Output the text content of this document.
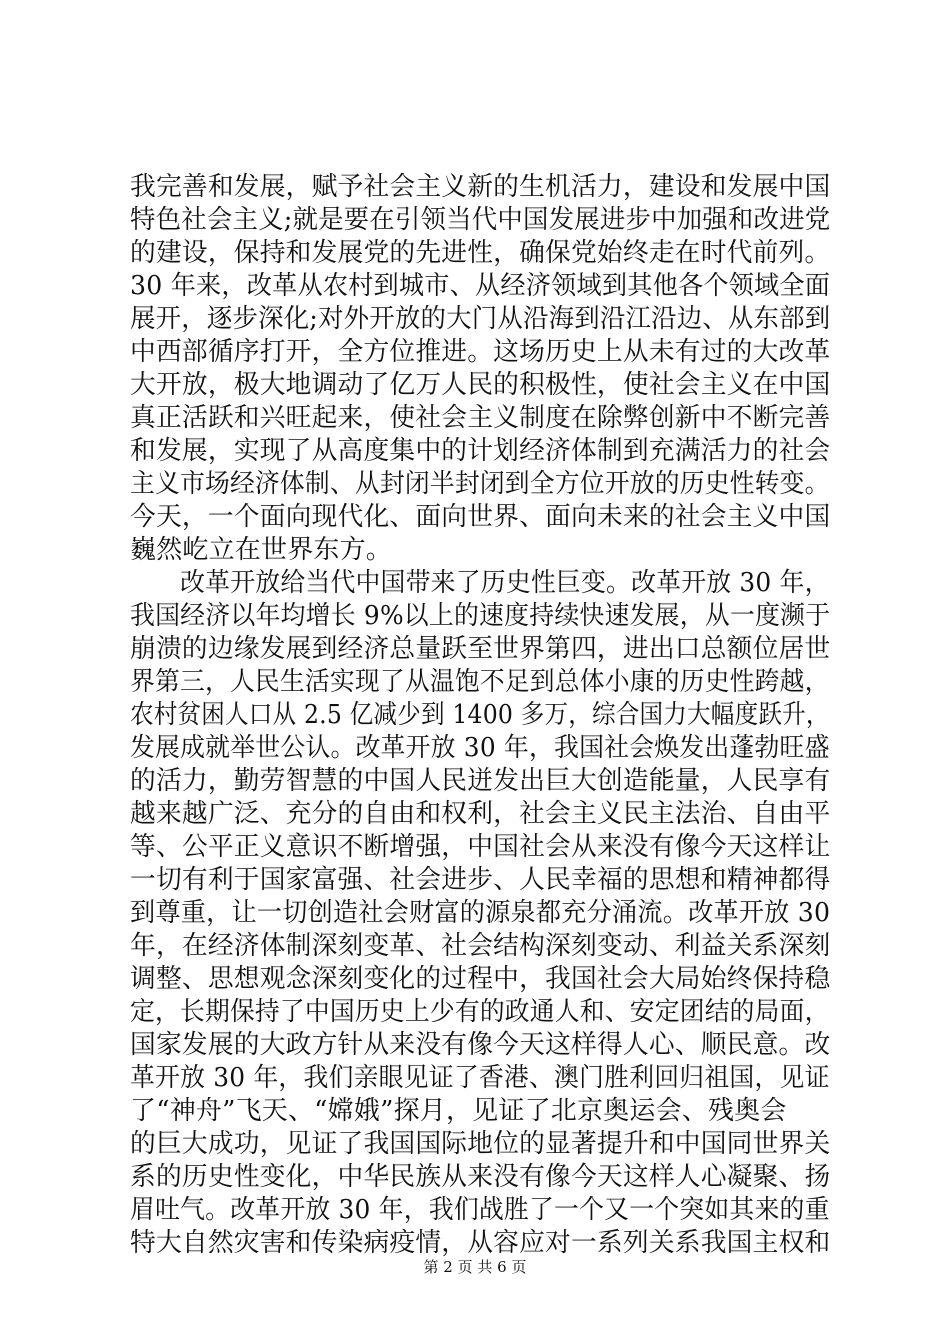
我完善和发展，赋予社会主义新的生机活力，建设和发展中国
特色社会主义;就是要在引领当代中国发展进步中加强和改进党
的建设，保持和发展党的先进性，确保党始终走在时代前列。
30 年来，改革从农村到城市、从经济领域到其他各个领域全面
展开，逐步深化;对外开放的大门从沿海到沿江沿边、从东部到
中西部循序打开，全方位推进。这场历史上从未有过的大改革
大开放，极大地调动了亿万人民的积极性，使社会主义在中国
真正活跃和兴旺起来，使社会主义制度在除弊创新中不断完善
和发展，实现了从高度集中的计划经济体制到充满活力的社会
主义市场经济体制、从封闭半封闭到全方位开放的历史性转变。
今天，一个面向现代化、面向世界、面向未来的社会主义中国
巍然屹立在世界东方。
　　改革开放给当代中国带来了历史性巨变。改革开放 30 年，
我国经济以年均增长 9%以上的速度持续快速发展，从一度濒于
崩溃的边缘发展到经济总量跃至世界第四，进出口总额位居世
界第三，人民生活实现了从温饱不足到总体小康的历史性跨越，
农村贫困人口从 2.5 亿减少到 1400 多万，综合国力大幅度跃升，
发展成就举世公认。改革开放 30 年，我国社会焕发出蓬勃旺盛
的活力，勤劳智慧的中国人民迸发出巨大创造能量，人民享有
越来越广泛、充分的自由和权利，社会主义民主法治、自由平
等、公平正义意识不断增强，中国社会从来没有像今天这样让
一切有利于国家富强、社会进步、人民幸福的思想和精神都得
到尊重，让一切创造社会财富的源泉都充分涌流。改革开放 30
年，在经济体制深刻变革、社会结构深刻变动、利益关系深刻
调整、思想观念深刻变化的过程中，我国社会大局始终保持稳
定，长期保持了中国历史上少有的政通人和、安定团结的局面，
国家发展的大政方针从来没有像今天这样得人心、顺民意。改
革开放 30 年，我们亲眼见证了香港、澳门胜利回归祖国，见证
了“神舟”飞天、“嫦娥”探月，见证了北京奥运会、残奥会
的巨大成功，见证了我国国际地位的显著提升和中国同世界关
系的历史性变化，中华民族从来没有像今天这样人心凝聚、扬
眉吐气。改革开放 30 年，我们战胜了一个又一个突如其来的重
特大自然灾害和传染病疫情，从容应对一系列关系我国主权和
第 2 页 共 6 页
